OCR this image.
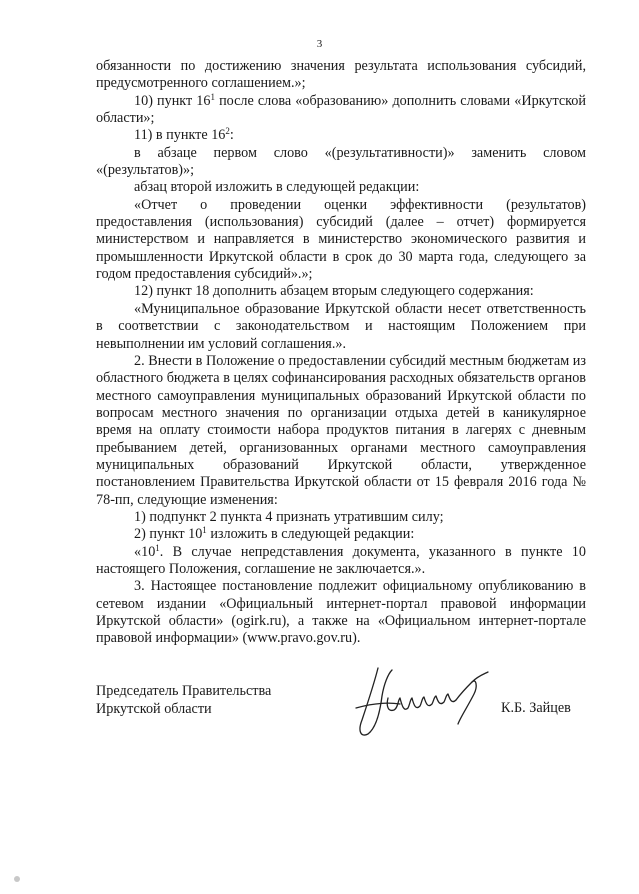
3

обязанности по достижению значения результата использования субсидий, предусмотренного соглашением.»;

10) пункт $16^1$ после слова «образованию» дополнить словами «Иркутской области»;

11) в пункте $16^2$:

в абзаце первом слово «(результативности)» заменить словом «(результатов)»;

абзац второй изложить в следующей редакции:

«Отчет о проведении оценки эффективности (результатов) предоставления (использования) субсидий (далее – отчет) формируется министерством и направляется в министерство экономического развития и промышленности Иркутской области в срок до 30 марта года, следующего за годом предоставления субсидий».»;

12) пункт 18 дополнить абзацем вторым следующего содержания:

«Муниципальное образование Иркутской области несет ответственность в соответствии с законодательством и настоящим Положением при невыполнении им условий соглашения.».

2. Внести в Положение о предоставлении субсидий местным бюджетам из областного бюджета в целях софинансирования расходных обязательств органов местного самоуправления муниципальных образований Иркутской области по вопросам местного значения по организации отдыха детей в каникулярное время на оплату стоимости набора продуктов питания в лагерях с дневным пребыванием детей, организованных органами местного самоуправления муниципальных образований Иркутской области, утвержденное постановлением Правительства Иркутской области от 15 февраля 2016 года № 78-пп, следующие изменения:

1) подпункт 2 пункта 4 признать утратившим силу;

2) пункт $10^1$ изложить в следующей редакции:

«$10^1$. В случае непредставления документа, указанного в пункте 10 настоящего Положения, соглашение не заключается.».

3. Настоящее постановление подлежит официальному опубликованию в сетевом издании «Официальный интернет-портал правовой информации Иркутской области» (ogirk.ru), а также на «Официальном интернет-портале правовой информации» (www.pravo.gov.ru).

Председатель Правительства
Иркутской области	К.Б. Зайцев
